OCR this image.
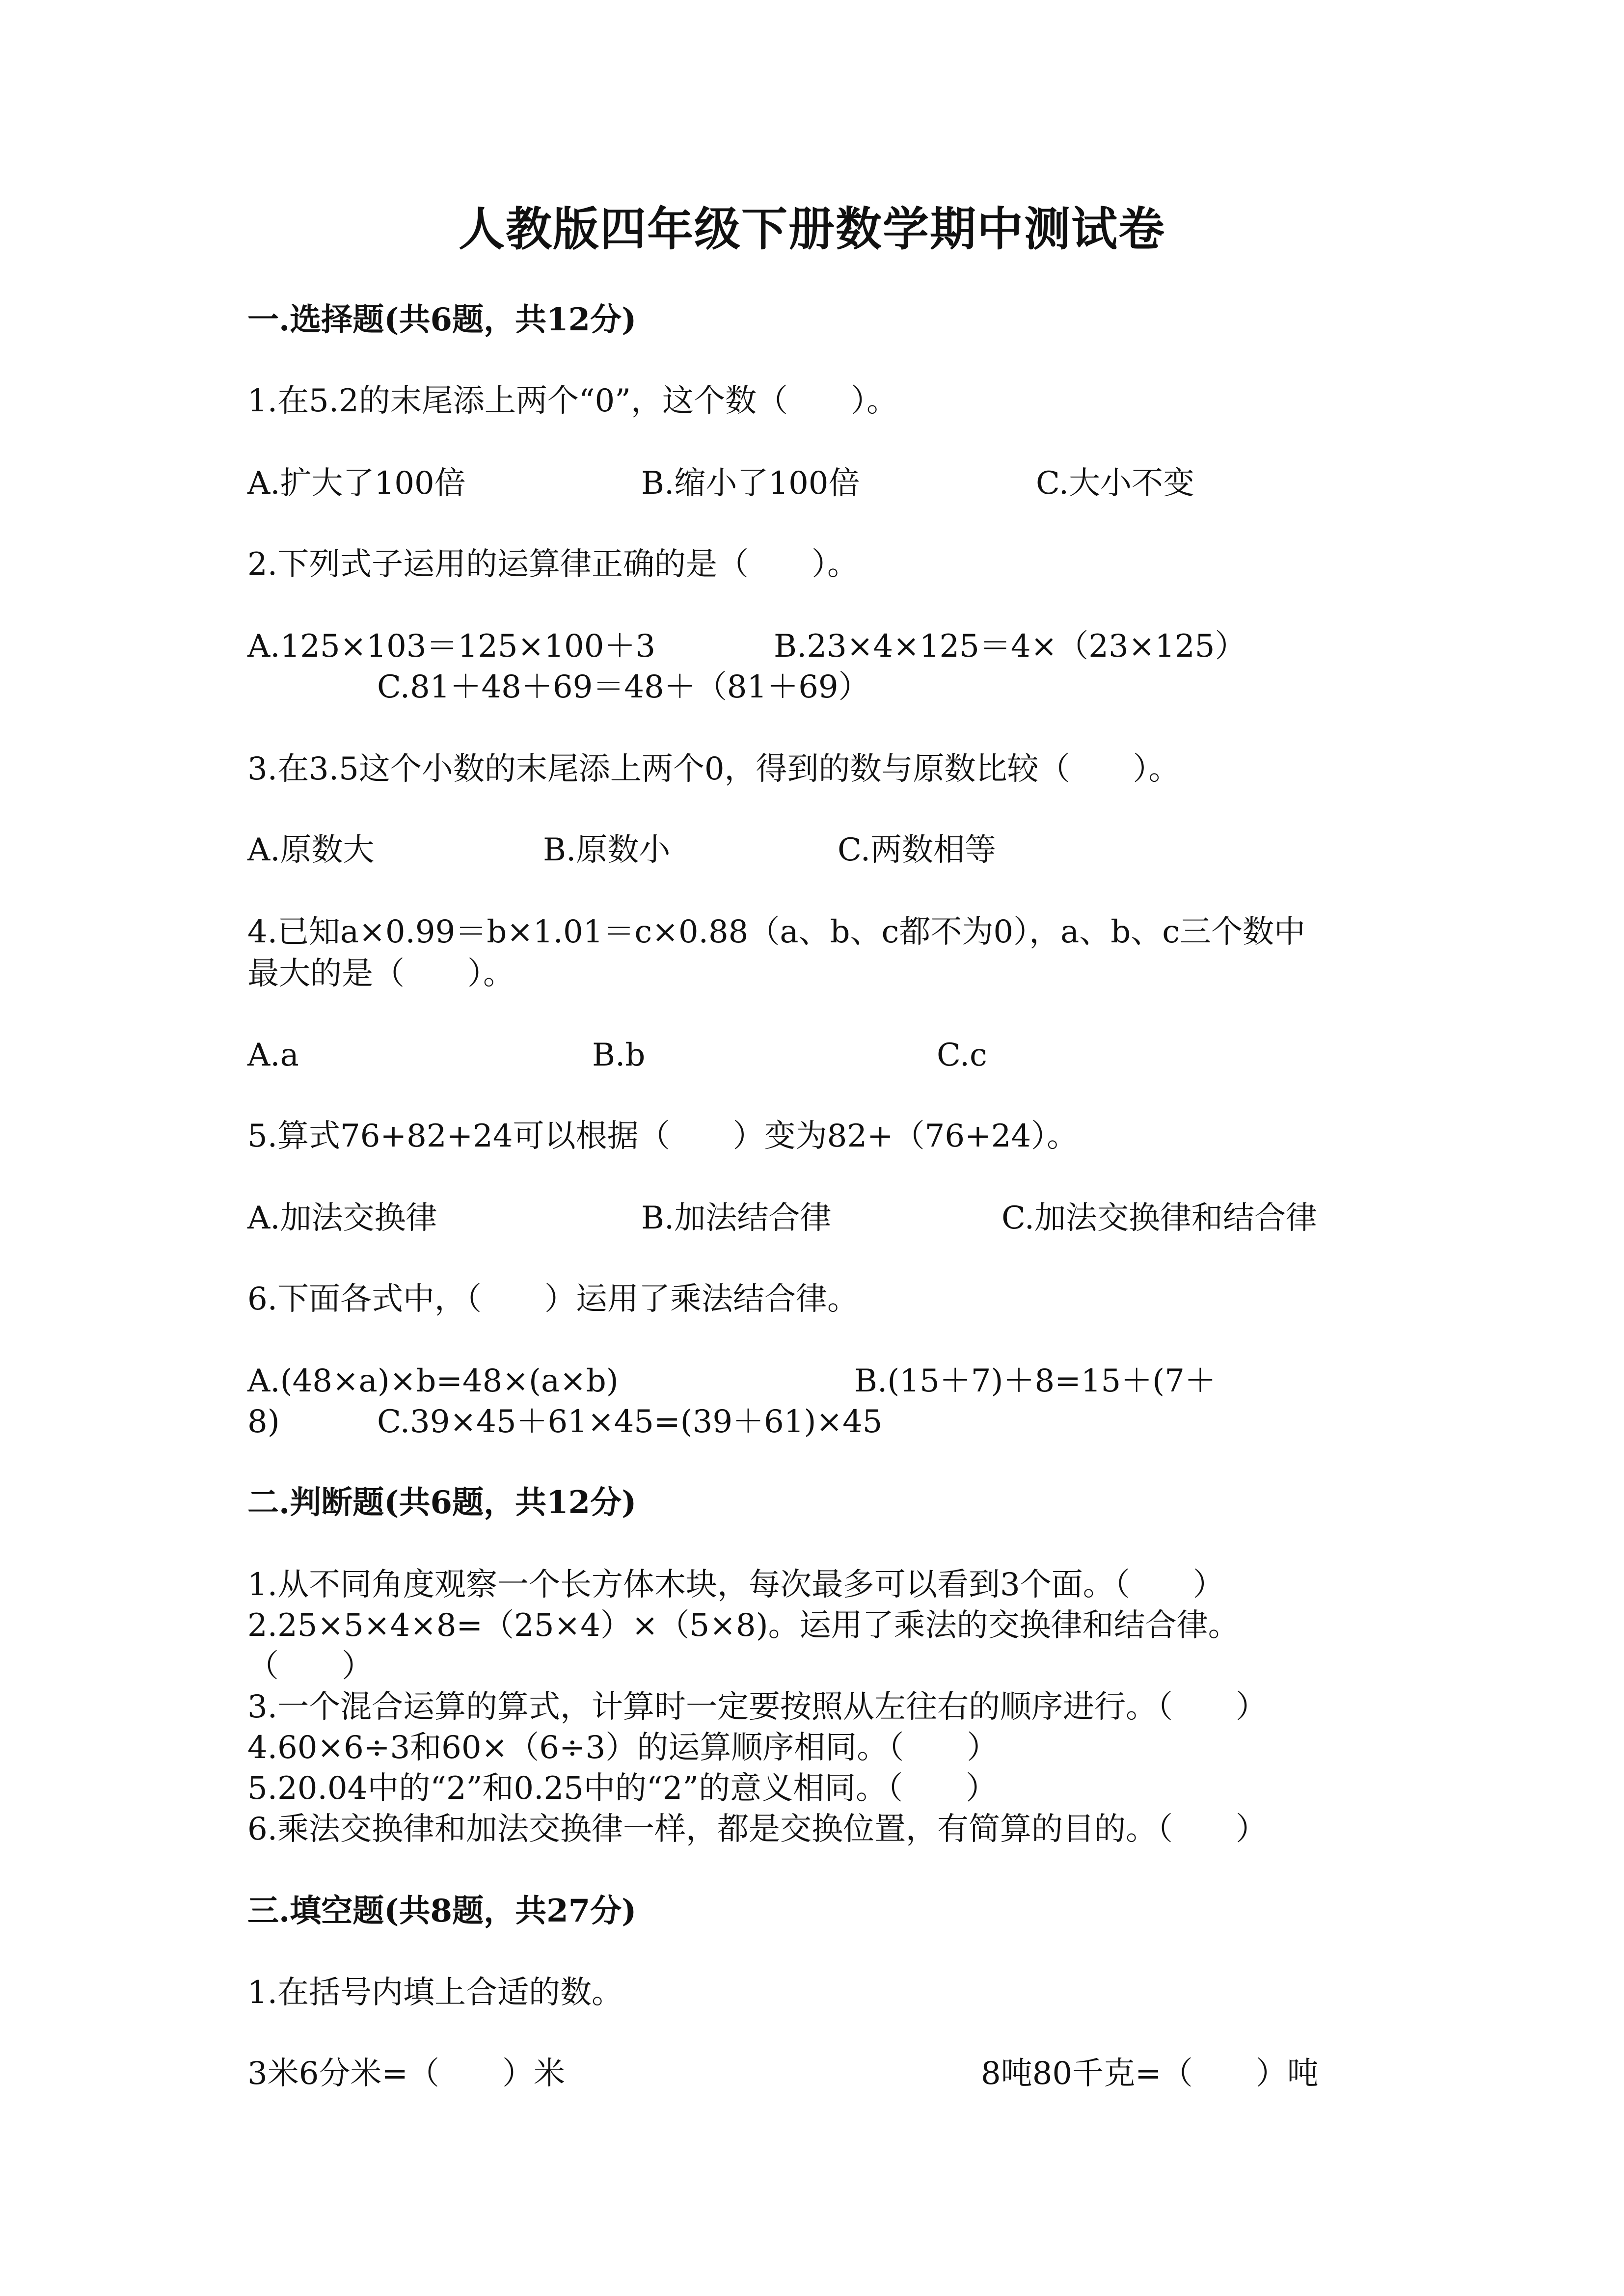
人教版四年级下册数学期中测试卷
一.选择题(共6题，共12分)
1.在5.2的末尾添上两个“0”，这个数（　　）。
A.扩大了100倍	B.缩小了100倍	C.大小不变
2.下列式子运用的运算律正确的是（　　）。
A.125×103＝125×100＋3	B.23×4×125＝4×（23×125）
C.81＋48＋69＝48＋（81＋69）
3.在3.5这个小数的末尾添上两个0，得到的数与原数比较（　　）。
A.原数大	B.原数小	C.两数相等
4.已知a×0.99＝b×1.01＝c×0.88（a、b、c都不为0），a、b、c三个数中
最大的是（　　）。
A.a	B.b	C.c
5.算式76+82+24可以根据（　　）变为82+（76+24）。
A.加法交换律	B.加法结合律	C.加法交换律和结合律
6.下面各式中，（　　）运用了乘法结合律。
A.(48×a)×b=48×(a×b)	B.(15＋7)＋8=15＋(7＋
8)	C.39×45＋61×45=(39＋61)×45
二.判断题(共6题，共12分)
1.从不同角度观察一个长方体木块，每次最多可以看到3个面。（　　）
2.25×5×4×8=（25×4）×（5×8)。运用了乘法的交换律和结合律。
（　　）
3.一个混合运算的算式，计算时一定要按照从左往右的顺序进行。（　　）
4.60×6÷3和60×（6÷3）的运算顺序相同。（　　）
5.20.04中的“2”和0.25中的“2”的意义相同。（　　）
6.乘法交换律和加法交换律一样，都是交换位置，有简算的目的。（　　）
三.填空题(共8题，共27分)
1.在括号内填上合适的数。
3米6分米=（　　）米	8吨80千克=（　　）吨
